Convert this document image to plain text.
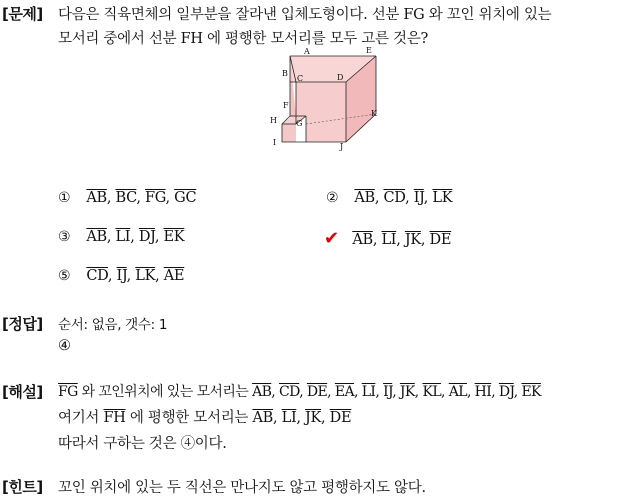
[문제] 다음은 직육면체의 일부분을 잘라낸 입체도형이다. 선분 FG 와 꼬인 위치에 있는
모서리 중에서 선분 FH 에 평행한 모서리를 모두 고른 것은?
A	E
B
C	D
F
K
H G
I	J
① $\overline{AB}$, $\overline{BC}$, $\overline{FG}$, $\overline{GC}$	② $\overline{AB}$, $\overline{CD}$, $\overline{IJ}$, $\overline{LK}$
③ $\overline{AB}$, $\overline{LI}$, $\overline{DJ}$, $\overline{EK}$	✔ $\overline{AB}$, $\overline{LI}$, $\overline{JK}$, $\overline{DE}$
⑤ $\overline{CD}$, $\overline{IJ}$, $\overline{LK}$, $\overline{AE}$
[정답] 순서: 없음, 갯수: 1
④
[해설] $\overline{FG}$ 와 꼬인위치에 있는 모서리는 $\overline{AB}$, $\overline{CD}$, $\overline{DE}$, $\overline{EA}$, $\overline{LI}$, $\overline{IJ}$, $\overline{JK}$, $\overline{KL}$, $\overline{AL}$, $\overline{HI}$, $\overline{DJ}$, $\overline{EK}$
여기서 $\overline{FH}$ 에 평행한 모서리는 $\overline{AB}$, $\overline{LI}$, $\overline{JK}$, $\overline{DE}$
따라서 구하는 것은 ④이다.
[힌트] 꼬인 위치에 있는 두 직선은 만나지도 않고 평행하지도 않다.
